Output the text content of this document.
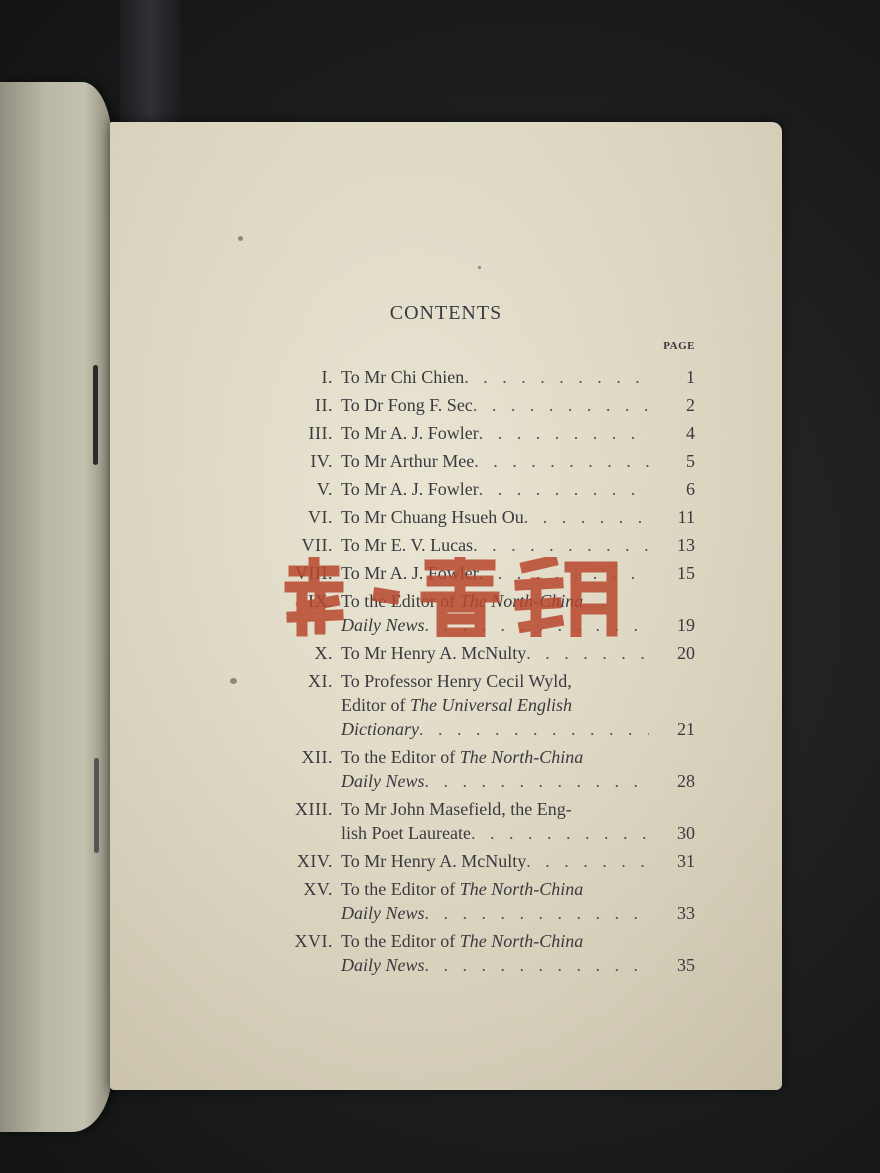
CONTENTS
PAGE
I. To Mr Chi Chien . . .	1
II. To Dr Fong F. Sec . . .	2
III. To Mr A. J. Fowler . . .	4
IV. To Mr Arthur Mee . . .	5
V. To Mr A. J. Fowler . . .	6
VI. To Mr Chuang Hsueh Ou . . .	11
VII. To Mr E. V. Lucas . . .	13
VIII. To Mr A. J. Fowler . . .	15
IX. To the Editor of The North-China
Daily News . . .	19
X. To Mr Henry A. McNulty . . .	20
XI. To Professor Henry Cecil Wyld,
Editor of The Universal English
Dictionary . . .	21
XII. To the Editor of The North-China
Daily News . . .	28
XIII. To Mr John Masefield, the Eng-
lish Poet Laureate . . .	30
XIV. To Mr Henry A. McNulty . . .	31
XV. To the Editor of The North-China
Daily News . . .	33
XVI. To the Editor of The North-China
Daily News . . .	35
